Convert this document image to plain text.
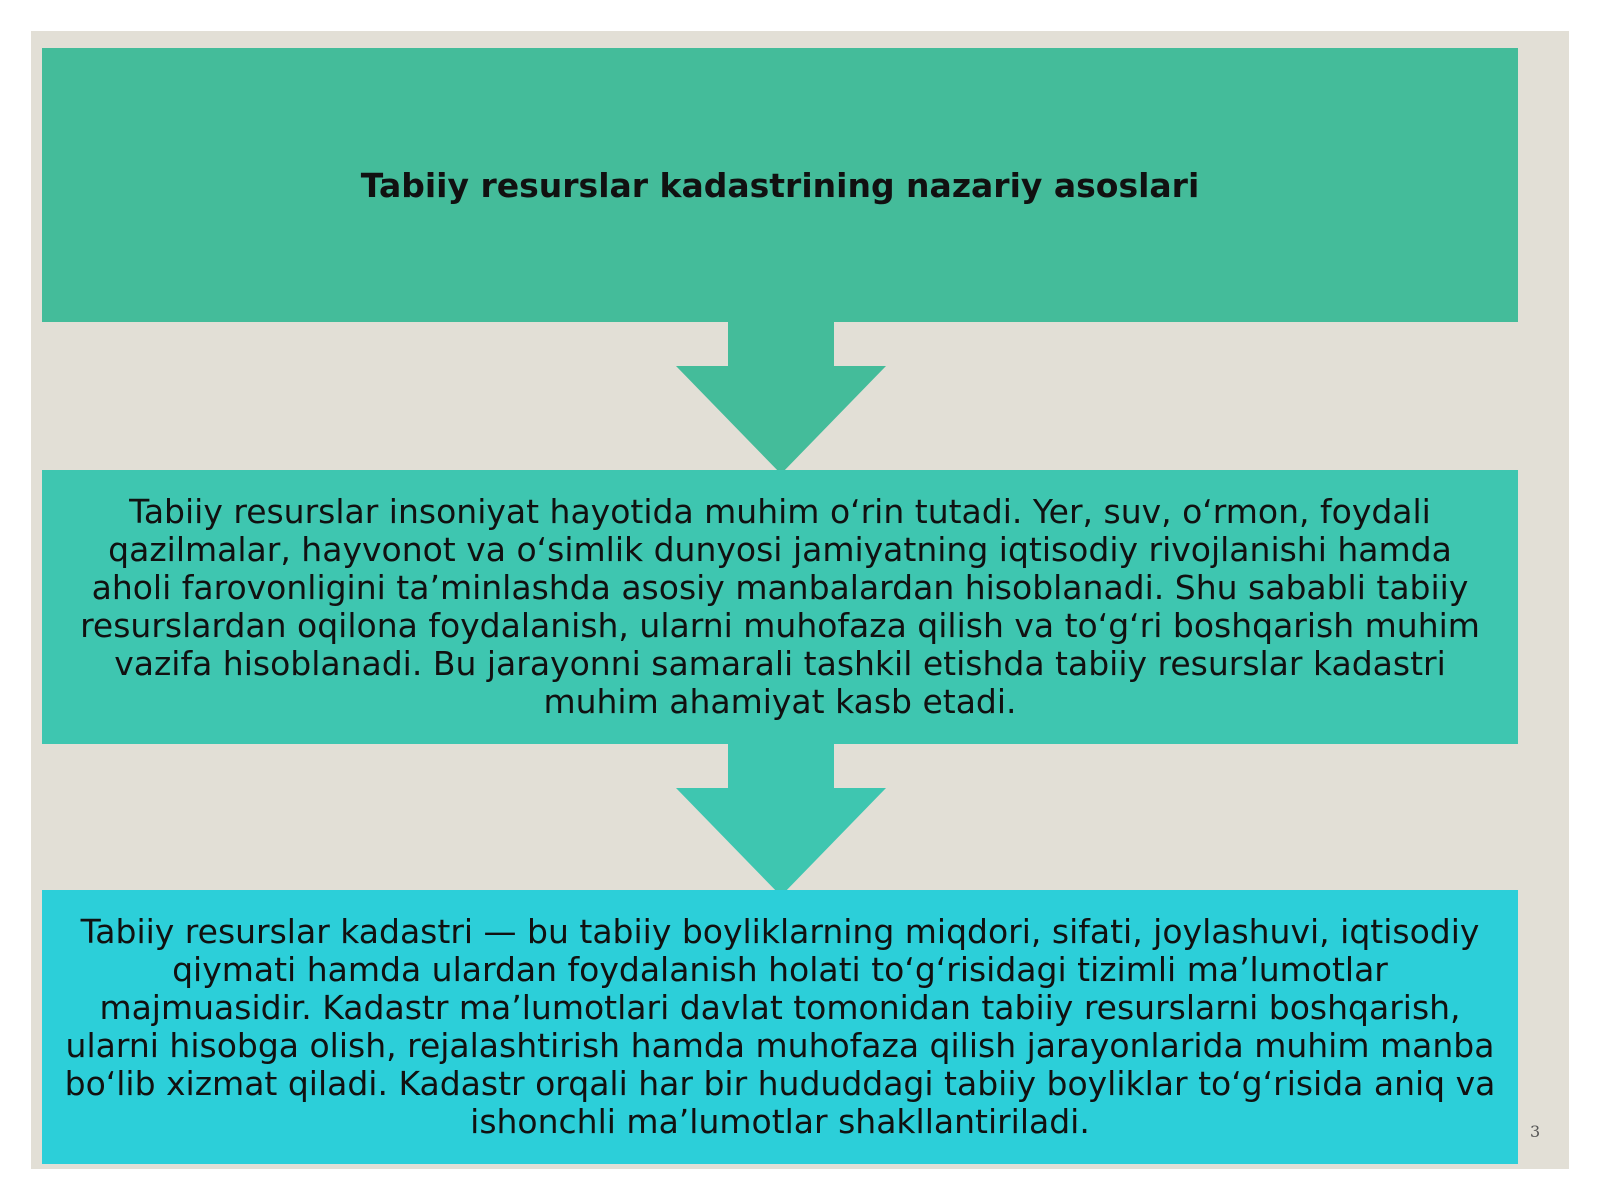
Tabiiy resurslar kadastrining nazariy asoslari

Tabiiy resurslar insoniyat hayotida muhim oʻrin tutadi. Yer, suv, oʻrmon, foydali qazilmalar, hayvonot va oʻsimlik dunyosi jamiyatning iqtisodiy rivojlanishi hamda aholi farovonligini taʼminlashda asosiy manbalardan hisoblanadi. Shu sababli tabiiy resurslardan oqilona foydalanish, ularni muhofaza qilish va toʻgʻri boshqarish muhim vazifa hisoblanadi. Bu jarayonni samarali tashkil etishda tabiiy resurslar kadastri muhim ahamiyat kasb etadi.

Tabiiy resurslar kadastri — bu tabiiy boyliklarning miqdori, sifati, joylashuvi, iqtisodiy qiymati hamda ulardan foydalanish holati toʻgʻrisidagi tizimli maʼlumotlar majmuasidir. Kadastr maʼlumotlari davlat tomonidan tabiiy resurslarni boshqarish, ularni hisobga olish, rejalashtirish hamda muhofaza qilish jarayonlarida muhim manba boʻlib xizmat qiladi. Kadastr orqali har bir hududdagi tabiiy boyliklar toʻgʻrisida aniq va ishonchli maʼlumotlar shakllantiriladi.	3
